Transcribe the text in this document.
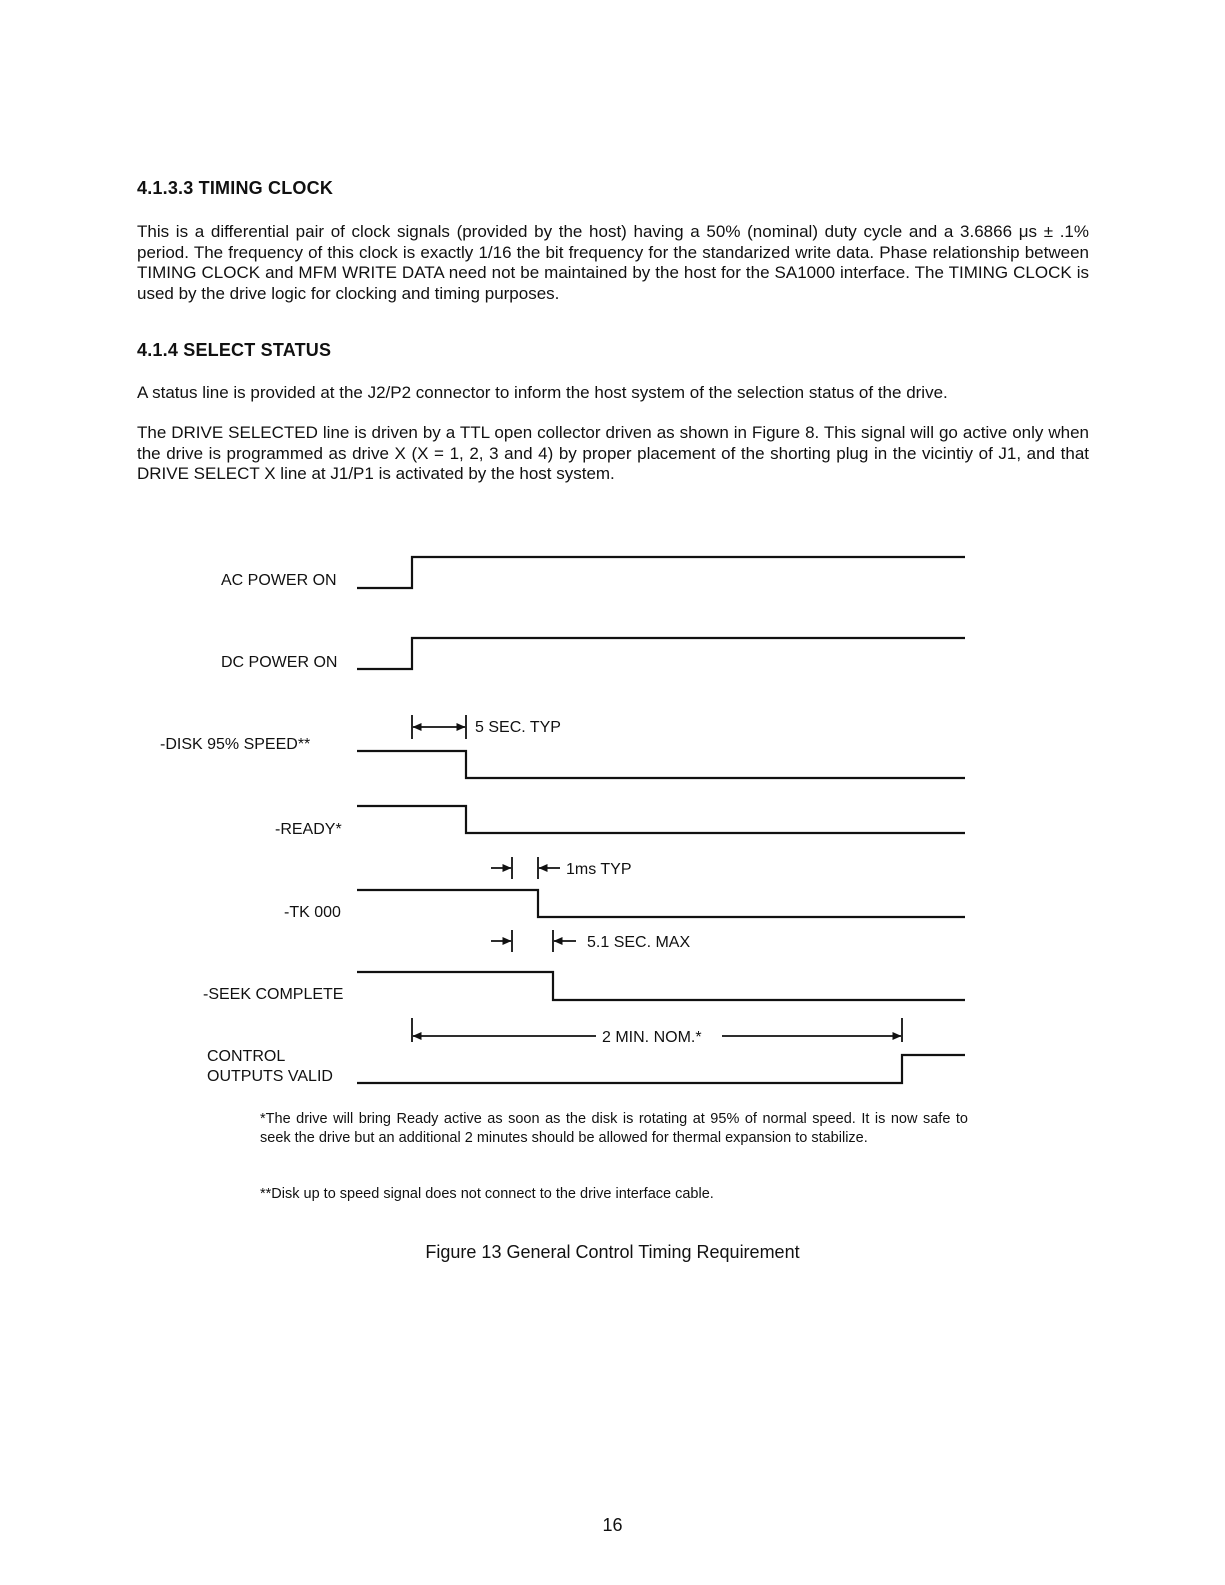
4.1.3.3 TIMING CLOCK

This is a differential pair of clock signals (provided by the host) having a 50% (nominal) duty cycle and a 3.6866 μs ± .1% period. The frequency of this clock is exactly 1/16 the bit frequency for the standarized write data. Phase relationship between TIMING CLOCK and MFM WRITE DATA need not be maintained by the host for the SA1000 interface. The TIMING CLOCK is used by the drive logic for clocking and timing purposes.

4.1.4 SELECT STATUS

A status line is provided at the J2/P2 connector to inform the host system of the selection status of the drive.

The DRIVE SELECTED line is driven by a TTL open collector driven as shown in Figure 8. This signal will go active only when the drive is programmed as drive X (X = 1, 2, 3 and 4) by proper placement of the shorting plug in the vicintiy of J1, and that DRIVE SELECT X line at J1/P1 is activated by the host system.

AC POWER ON
DC POWER ON
-DISK 95% SPEED**
-READY*
-TK 000
-SEEK COMPLETE
CONTROL
OUTPUTS VALID
5 SEC. TYP
1ms TYP
5.1 SEC. MAX
2 MIN. NOM.*

*The drive will bring Ready active as soon as the disk is rotating at 95% of normal speed. It is now safe to seek the drive but an additional 2 minutes should be allowed for thermal expansion to stabilize.

**Disk up to speed signal does not connect to the drive interface cable.

Figure 13 General Control Timing Requirement

16
